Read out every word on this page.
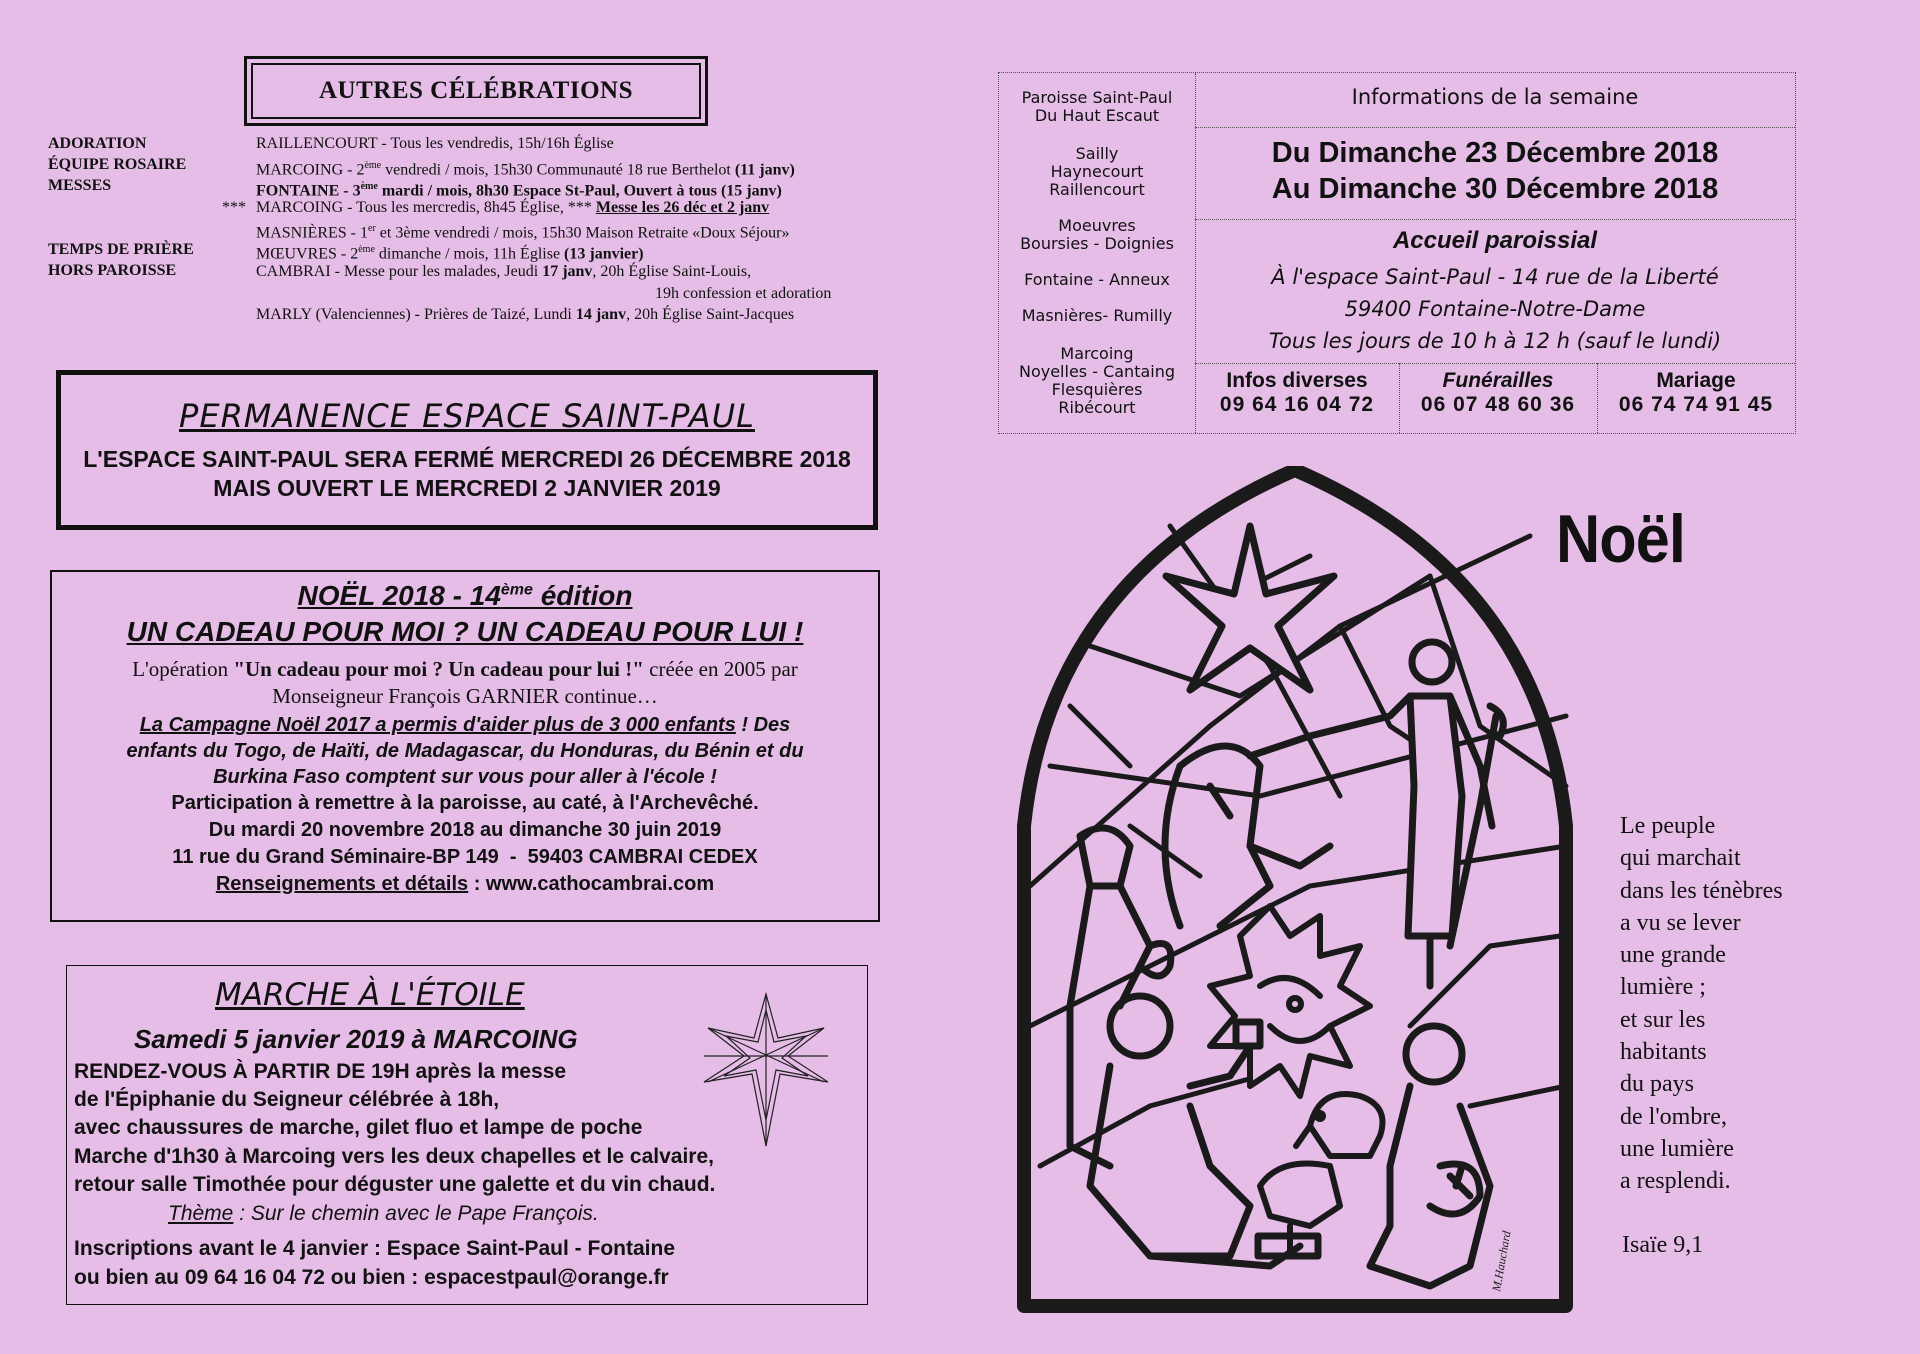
AUTRES CÉLÉBRATIONS
ADORATION
ÉQUIPE ROSAIRE
MESSES
***
TEMPS DE PRIÈRE
HORS PAROISSE
RAILLENCOURT - Tous les vendredis, 15h/16h Église
MARCOING - 2ème vendredi / mois, 15h30 Communauté 18 rue Berthelot (11 janv)
FONTAINE - 3ème mardi / mois, 8h30 Espace St-Paul, Ouvert à tous (15 janv)
MARCOING - Tous les mercredis, 8h45 Église, *** Messe les 26 déc et 2 janv
MASNIÈRES - 1er et 3ème vendredi / mois, 15h30 Maison Retraite «Doux Séjour»
MŒUVRES - 2ème dimanche / mois, 11h Église (13 janvier)
CAMBRAI - Messe pour les malades, Jeudi 17 janv, 20h Église Saint-Louis,
19h confession et adoration
MARLY (Valenciennes) - Prières de Taizé, Lundi 14 janv, 20h Église Saint-Jacques
PERMANENCE ESPACE SAINT-PAUL
L'ESPACE SAINT-PAUL SERA FERMÉ MERCREDI 26 DÉCEMBRE 2018
MAIS OUVERT LE MERCREDI 2 JANVIER 2019
NOËL 2018 - 14ème édition
UN CADEAU POUR MOI ? UN CADEAU POUR LUI !
L'opération "Un cadeau pour moi ? Un cadeau pour lui !" créée en 2005 par
Monseigneur François GARNIER continue…
La Campagne Noël 2017 a permis d'aider plus de 3 000 enfants ! Des
enfants du Togo, de Haïti, de Madagascar, du Honduras, du Bénin et du
Burkina Faso comptent sur vous pour aller à l'école !
Participation à remettre à la paroisse, au caté, à l'Archevêché.
Du mardi 20 novembre 2018 au dimanche 30 juin 2019
11 rue du Grand Séminaire-BP 149  -  59403 CAMBRAI CEDEX
Renseignements et détails : www.cathocambrai.com
MARCHE À L'ÉTOILE
Samedi 5 janvier 2019 à MARCOING
RENDEZ-VOUS À PARTIR DE 19H après la messe
de l'Épiphanie du Seigneur célébrée à 18h,
avec chaussures de marche, gilet fluo et lampe de poche
Marche d'1h30 à Marcoing vers les deux chapelles et le calvaire,
retour salle Timothée pour déguster une galette et du vin chaud.
Thème : Sur le chemin avec le Pape François.
Inscriptions avant le 4 janvier : Espace Saint-Paul - Fontaine
ou bien au 09 64 16 04 72 ou bien : espacestpaul@orange.fr
Paroisse Saint-Paul
Du Haut Escaut
Sailly
Haynecourt
Raillencourt
Moeuvres
Boursies - Doignies
Fontaine - Anneux
Masnières- Rumilly
Marcoing
Noyelles - Cantaing
Flesquières
Ribécourt
Informations de la semaine
Du Dimanche 23 Décembre 2018
Au Dimanche 30 Décembre 2018
Accueil paroissial
À l'espace Saint-Paul - 14 rue de la Liberté
59400 Fontaine-Notre-Dame
Tous les jours de 10 h à 12 h (sauf le lundi)
Infos diverses
09 64 16 04 72
Funérailles
06 07 48 60 36
Mariage
06 74 74 91 45
Noël
M.Hauchard
Le peuple
qui marchait
dans les ténèbres
a vu se lever
une grande
lumière ;
et sur les
habitants
du pays
de l'ombre,
une lumière
a resplendi.
Isaïe 9,1
